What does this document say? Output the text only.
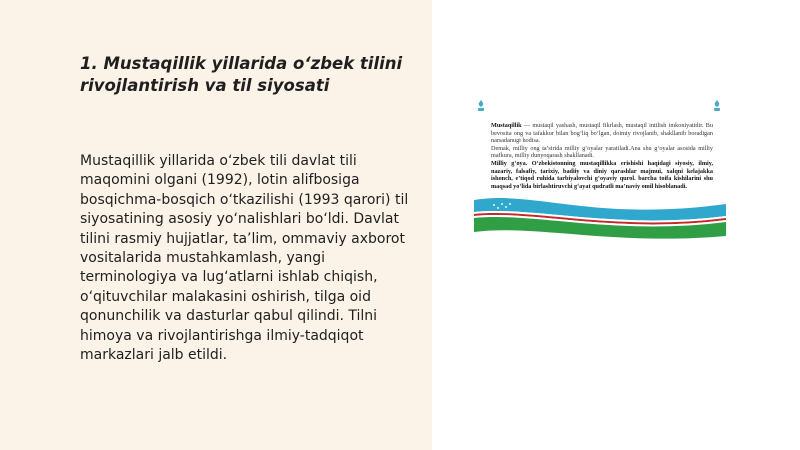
1. Mustaqillik yillarida o‘zbek tilini rivojlantirish va til siyosati

Mustaqillik yillarida o‘zbek tili davlat tili maqomini olgani (1992), lotin alifbosiga bosqichma-bosqich o‘tkazilishi (1993 qarori) til siyosatining asosiy yo‘nalishlari bo‘ldi. Davlat tilini rasmiy hujjatlar, ta’lim, ommaviy axborot vositalarida mustahkamlash, yangi terminologiya va lug‘atlarni ishlab chiqish, o‘qituvchilar malakasini oshirish, tilga oid qonunchilik va dasturlar qabul qilindi. Tilni himoya va rivojlantirishga ilmiy-tadqiqot markazlari jalb etildi.

Mustaqillik — mustaqil yashash, mustaqil fikrlash, mustaqil intilish imkoniyatidir. Bu bevosita ong va tafakkur bilan bog‘liq bo‘lgan, doimiy rivojlanib, shakllanib boradigan narsadanugi hodisa.

Demak, milliy ong ta’sirida milliy g‘oyalar yaratiladi.Ana shu g‘oyalar asosida milliy mafkura, milliy dunyoqarash shakllanadi.

Milliy g‘oya. O‘zbekistonning mustaqillikka erishishi haqidagi siyosiy, ilmiy, nazariy, falsafiy, tarixiy, badiiy va diniy qarashlar majmui, xalqni kelajakka ishonch, e’tiqod ruhida tarbiyalovchi g‘oyaviy qurol. barcha toifa kishilarini shu maqsad yo‘lida birlashtiruvchi g‘ayat qudratli ma’naviy omil hisoblanadi.
